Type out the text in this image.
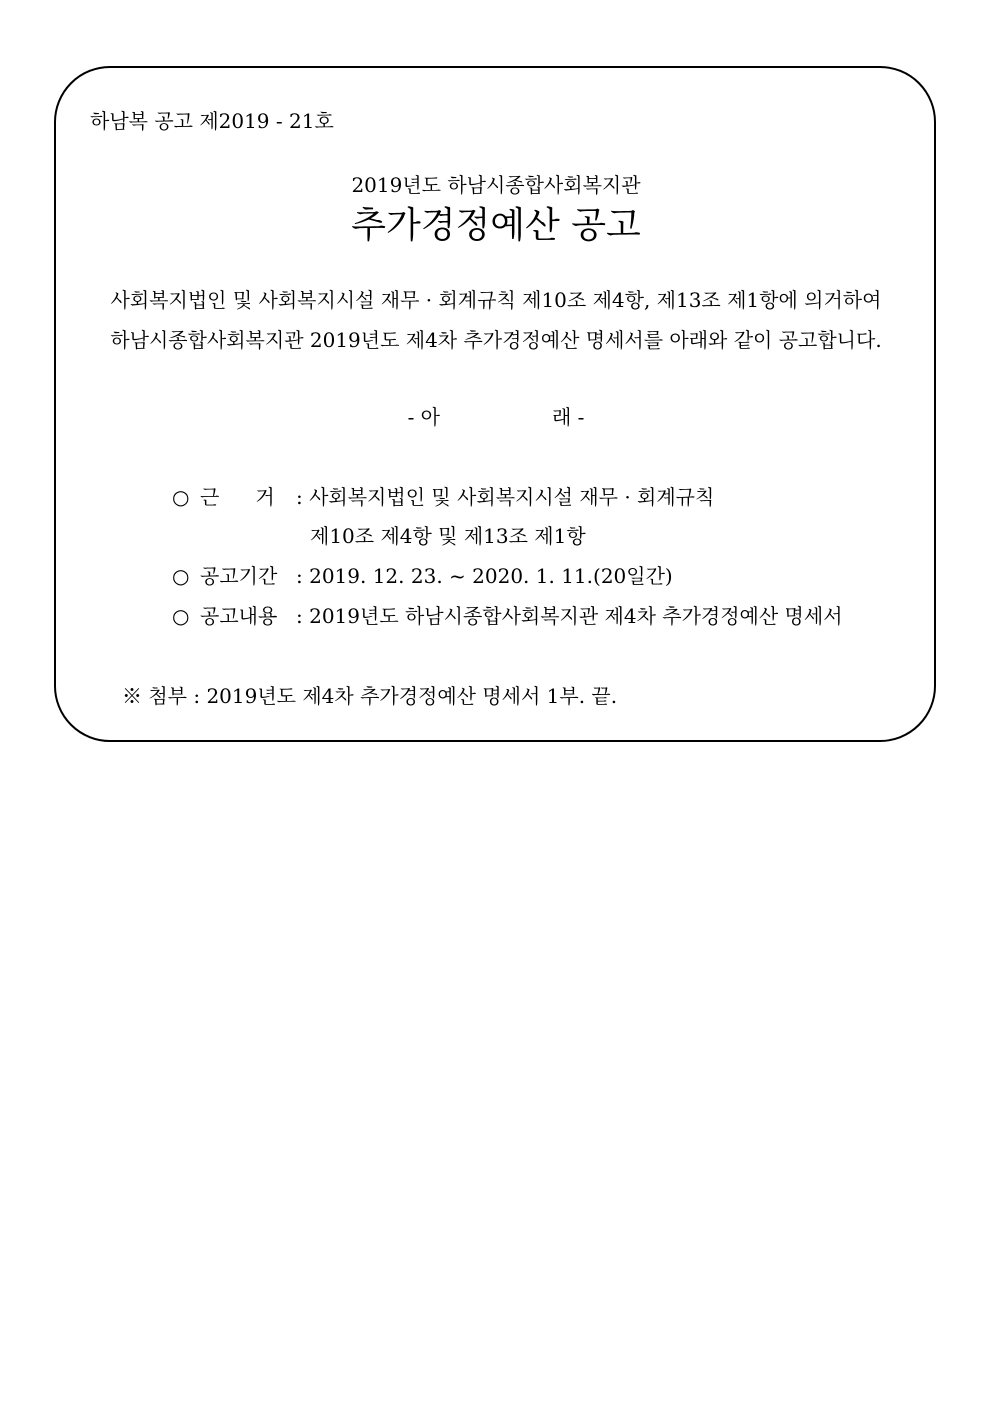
하남복 공고 제2019 - 21호
2019년도 하남시종합사회복지관
추가경정예산 공고
사회복지법인 및 사회복지시설 재무 · 회계규칙 제10조 제4항, 제13조 제1항에 의거하여
하남시종합사회복지관 2019년도 제4차 추가경정예산 명세서를 아래와 같이 공고합니다.
- 아	래 -
○ 근 거 : 사회복지법인 및 사회복지시설 재무 · 회계규칙
제10조 제4항 및 제13조 제1항
○ 공고기간 : 2019. 12. 23. ~ 2020. 1. 11.(20일간)
○ 공고내용 : 2019년도 하남시종합사회복지관 제4차 추가경정예산 명세서
※ 첨부 : 2019년도 제4차 추가경정예산 명세서 1부. 끝.
